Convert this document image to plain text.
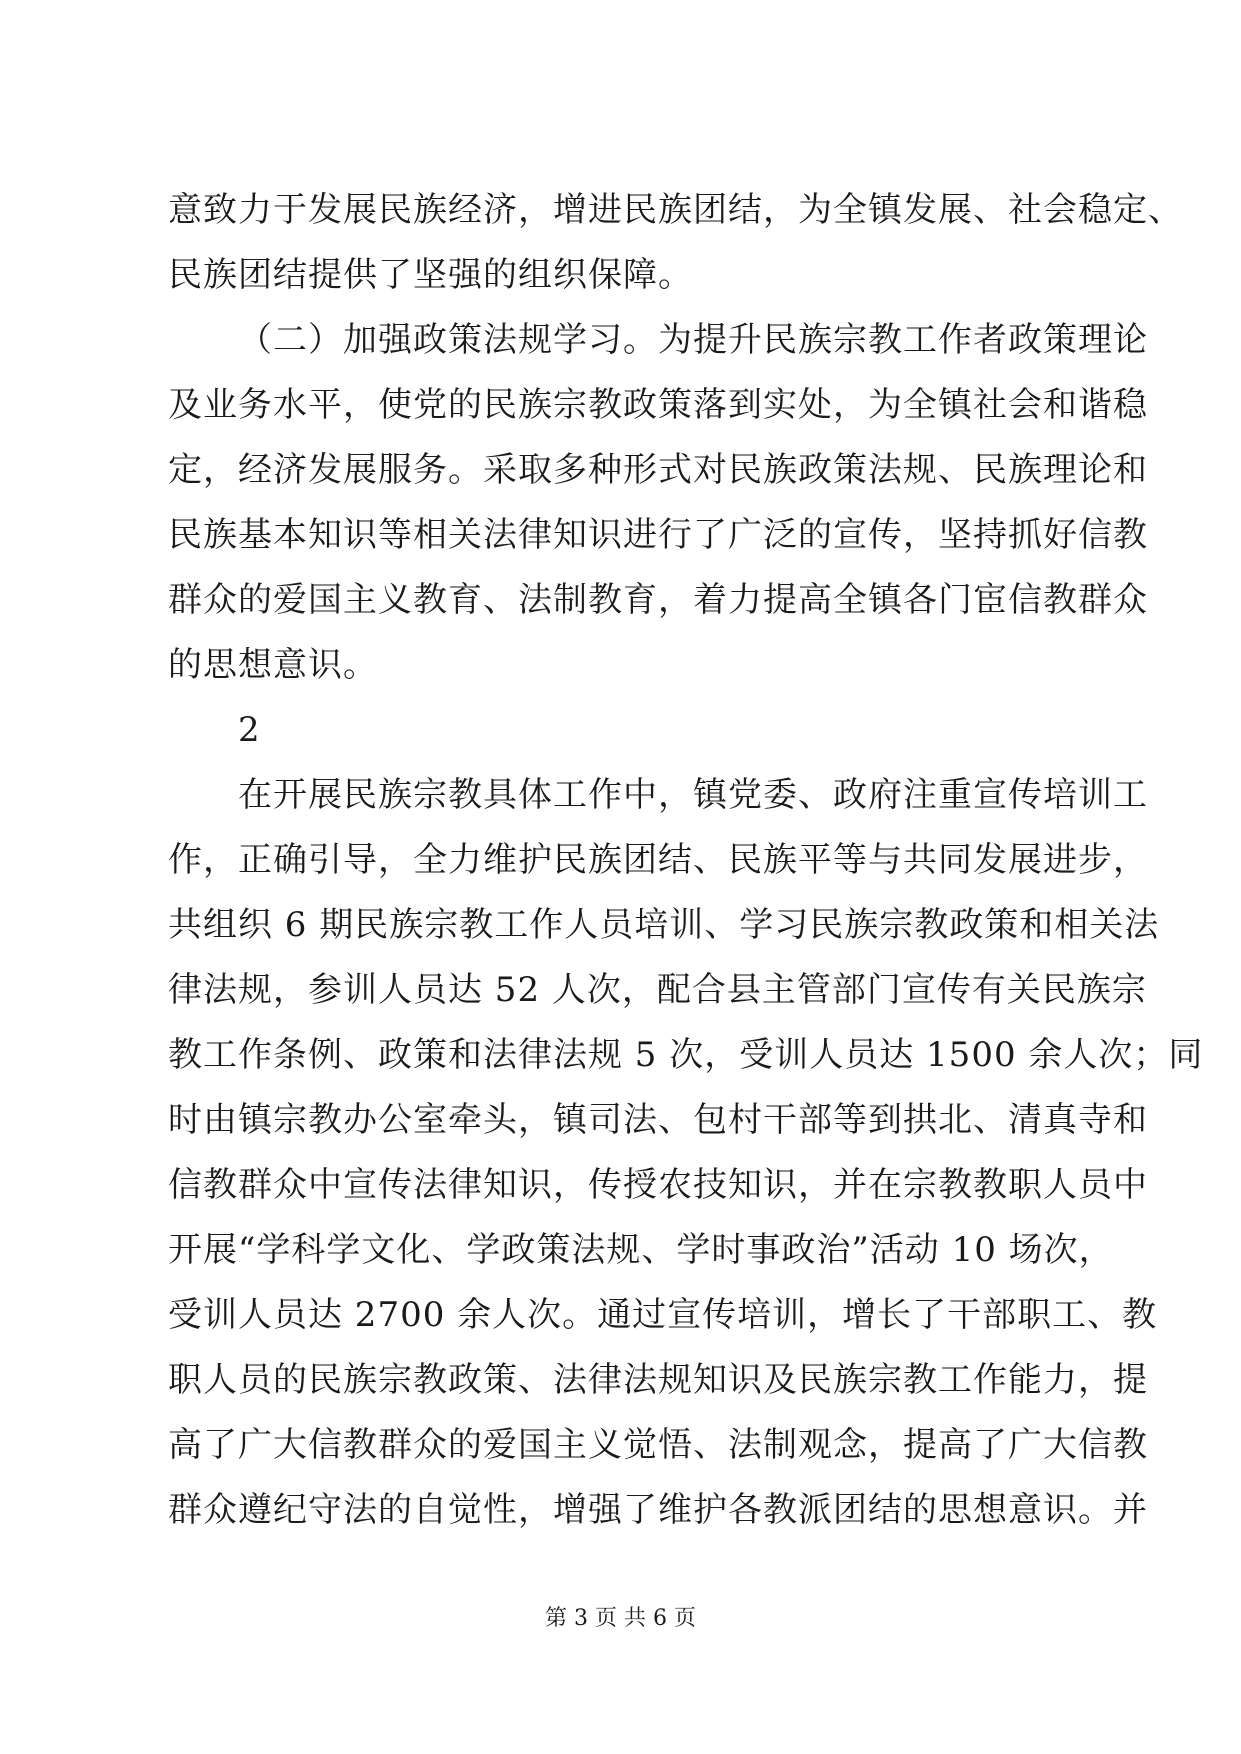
意致力于发展民族经济，增进民族团结，为全镇发展、社会稳定、
民族团结提供了坚强的组织保障。
（二）加强政策法规学习。为提升民族宗教工作者政策理论
及业务水平，使党的民族宗教政策落到实处，为全镇社会和谐稳
定，经济发展服务。采取多种形式对民族政策法规、民族理论和
民族基本知识等相关法律知识进行了广泛的宣传，坚持抓好信教
群众的爱国主义教育、法制教育，着力提高全镇各门宦信教群众
的思想意识。
2
在开展民族宗教具体工作中，镇党委、政府注重宣传培训工
作，正确引导，全力维护民族团结、民族平等与共同发展进步，
共组织 6 期民族宗教工作人员培训、学习民族宗教政策和相关法
律法规，参训人员达 52 人次，配合县主管部门宣传有关民族宗
教工作条例、政策和法律法规 5 次，受训人员达 1500 余人次；同
时由镇宗教办公室牵头，镇司法、包村干部等到拱北、清真寺和
信教群众中宣传法律知识，传授农技知识，并在宗教教职人员中
开展“学科学文化、学政策法规、学时事政治”活动 10 场次，
受训人员达 2700 余人次。通过宣传培训，增长了干部职工、教
职人员的民族宗教政策、法律法规知识及民族宗教工作能力，提
高了广大信教群众的爱国主义觉悟、法制观念，提高了广大信教
群众遵纪守法的自觉性，增强了维护各教派团结的思想意识。并
第 3 页 共 6 页
